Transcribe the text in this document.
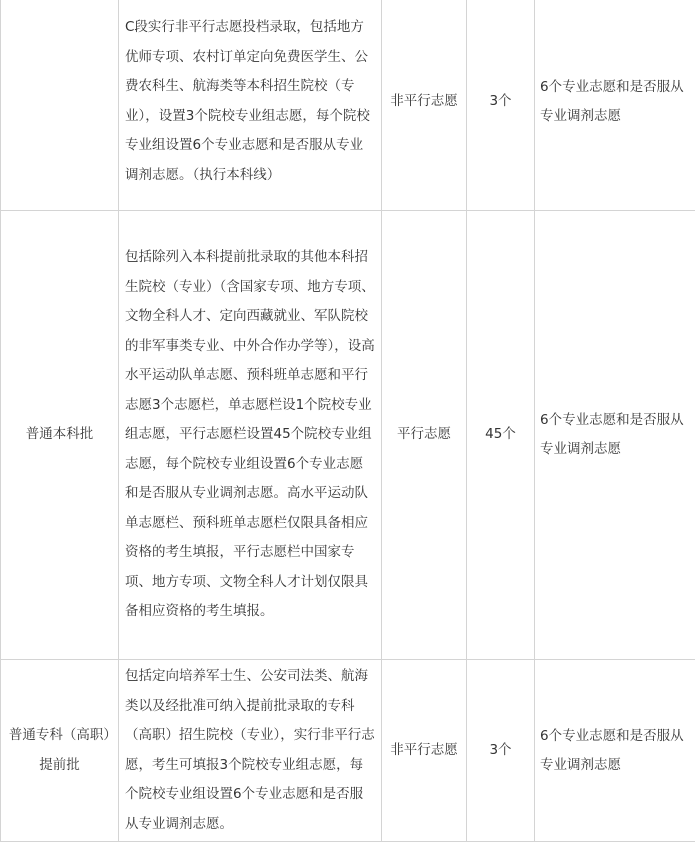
	C段实行非平行志愿投档录取，包括地方优师专项、农村订单定向免费医学生、公费农科生、航海类等本科招生院校（专业），设置3个院校专业组志愿，每个院校专业组设置6个专业志愿和是否服从专业调剂志愿。（执行本科线）	非平行志愿	3个	6个专业志愿和是否服从专业调剂志愿
普通本科批	包括除列入本科提前批录取的其他本科招生院校（专业）（含国家专项、地方专项、文物全科人才、定向西藏就业、军队院校的非军事类专业、中外合作办学等），设高水平运动队单志愿、预科班单志愿和平行志愿3个志愿栏，单志愿栏设1个院校专业组志愿，平行志愿栏设置45个院校专业组志愿，每个院校专业组设置6个专业志愿和是否服从专业调剂志愿。高水平运动队单志愿栏、预科班单志愿栏仅限具备相应资格的考生填报，平行志愿栏中国家专项、地方专项、文物全科人才计划仅限具备相应资格的考生填报。	平行志愿	45个	6个专业志愿和是否服从专业调剂志愿
普通专科（高职）提前批	包括定向培养军士生、公安司法类、航海类以及经批准可纳入提前批录取的专科（高职）招生院校（专业），实行非平行志愿，考生可填报3个院校专业组志愿，每个院校专业组设置6个专业志愿和是否服从专业调剂志愿。	非平行志愿	3个	6个专业志愿和是否服从专业调剂志愿
